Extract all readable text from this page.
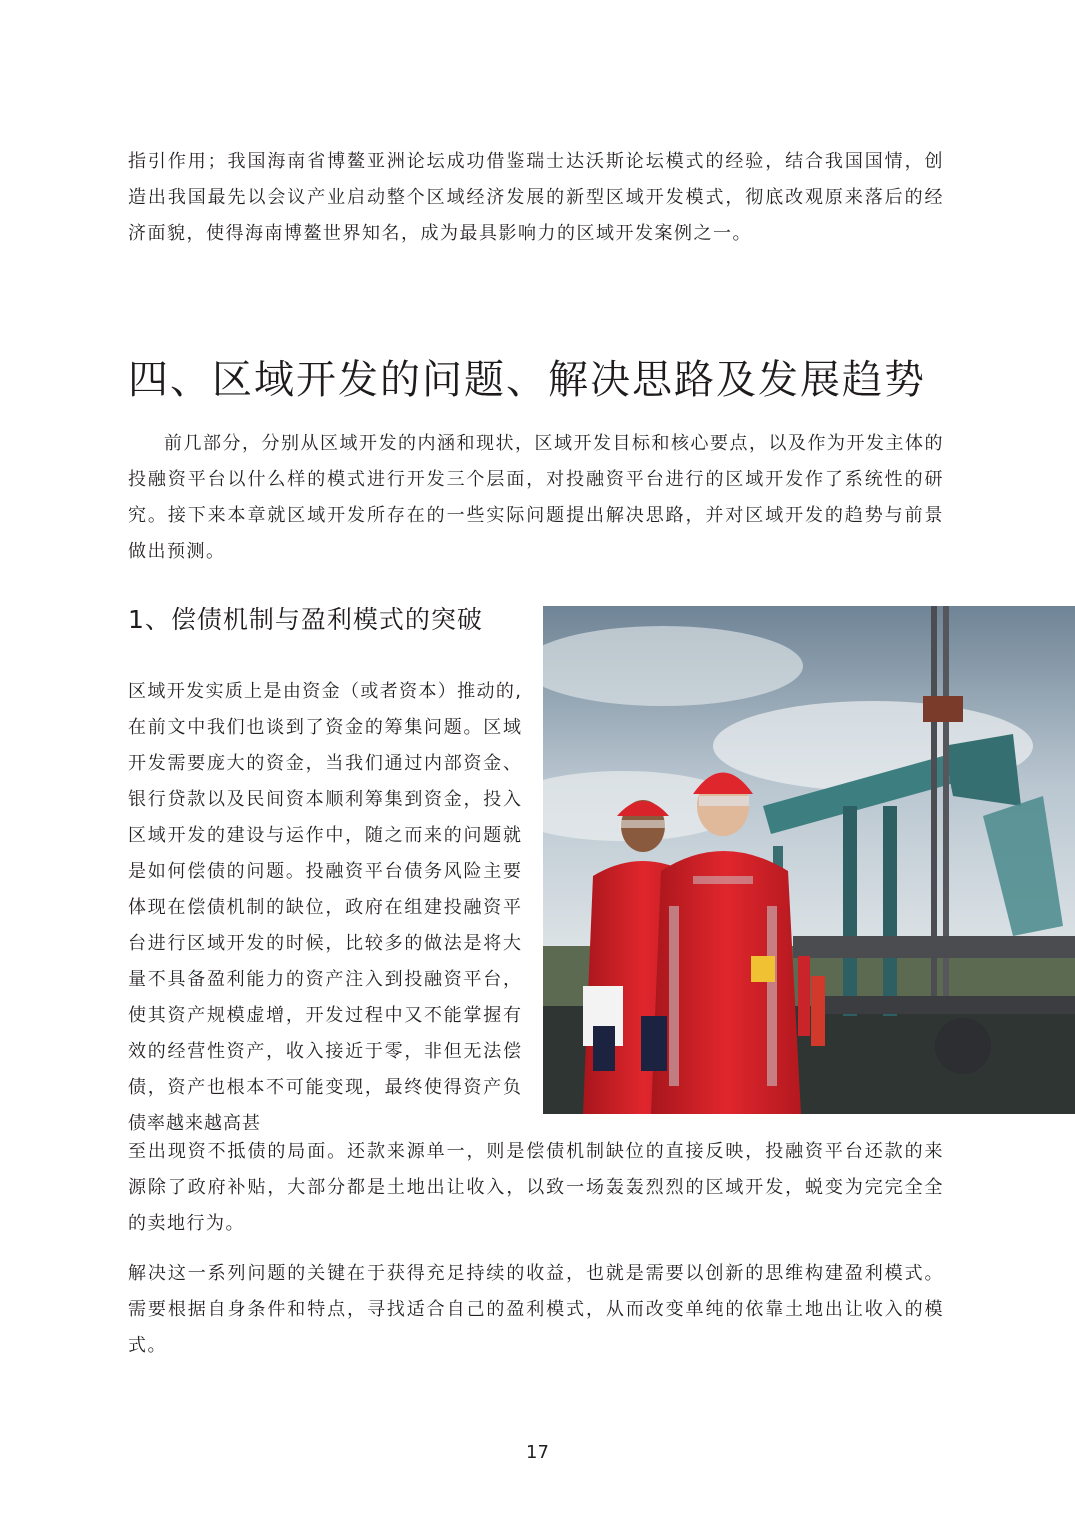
指引作用；我国海南省博鳌亚洲论坛成功借鉴瑞士达沃斯论坛模式的经验，结合我国国情，创造出我国最先以会议产业启动整个区域经济发展的新型区域开发模式，彻底改观原来落后的经济面貌，使得海南博鳌世界知名，成为最具影响力的区域开发案例之一。

四、区域开发的问题、解决思路及发展趋势

前几部分，分别从区域开发的内涵和现状，区域开发目标和核心要点，以及作为开发主体的投融资平台以什么样的模式进行开发三个层面，对投融资平台进行的区域开发作了系统性的研究。接下来本章就区域开发所存在的一些实际问题提出解决思路，并对区域开发的趋势与前景做出预测。

1、偿债机制与盈利模式的突破

区域开发实质上是由资金（或者资本）推动的,在前文中我们也谈到了资金的筹集问题。区域开发需要庞大的资金，当我们通过内部资金、银行贷款以及民间资本顺利筹集到资金，投入区域开发的建设与运作中，随之而来的问题就是如何偿债的问题。投融资平台债务风险主要体现在偿债机制的缺位，政府在组建投融资平台进行区域开发的时候，比较多的做法是将大量不具备盈利能力的资产注入到投融资平台，使其资产规模虚增，开发过程中又不能掌握有效的经营性资产，收入接近于零，非但无法偿债，资产也根本不可能变现，最终使得资产负债率越来越高甚

至出现资不抵债的局面。还款来源单一，则是偿债机制缺位的直接反映，投融资平台还款的来源除了政府补贴，大部分都是土地出让收入，以致一场轰轰烈烈的区域开发，蜕变为完完全全的卖地行为。

解决这一系列问题的关键在于获得充足持续的收益，也就是需要以创新的思维构建盈利模式。需要根据自身条件和特点，寻找适合自己的盈利模式，从而改变单纯的依靠土地出让收入的模式。

17
